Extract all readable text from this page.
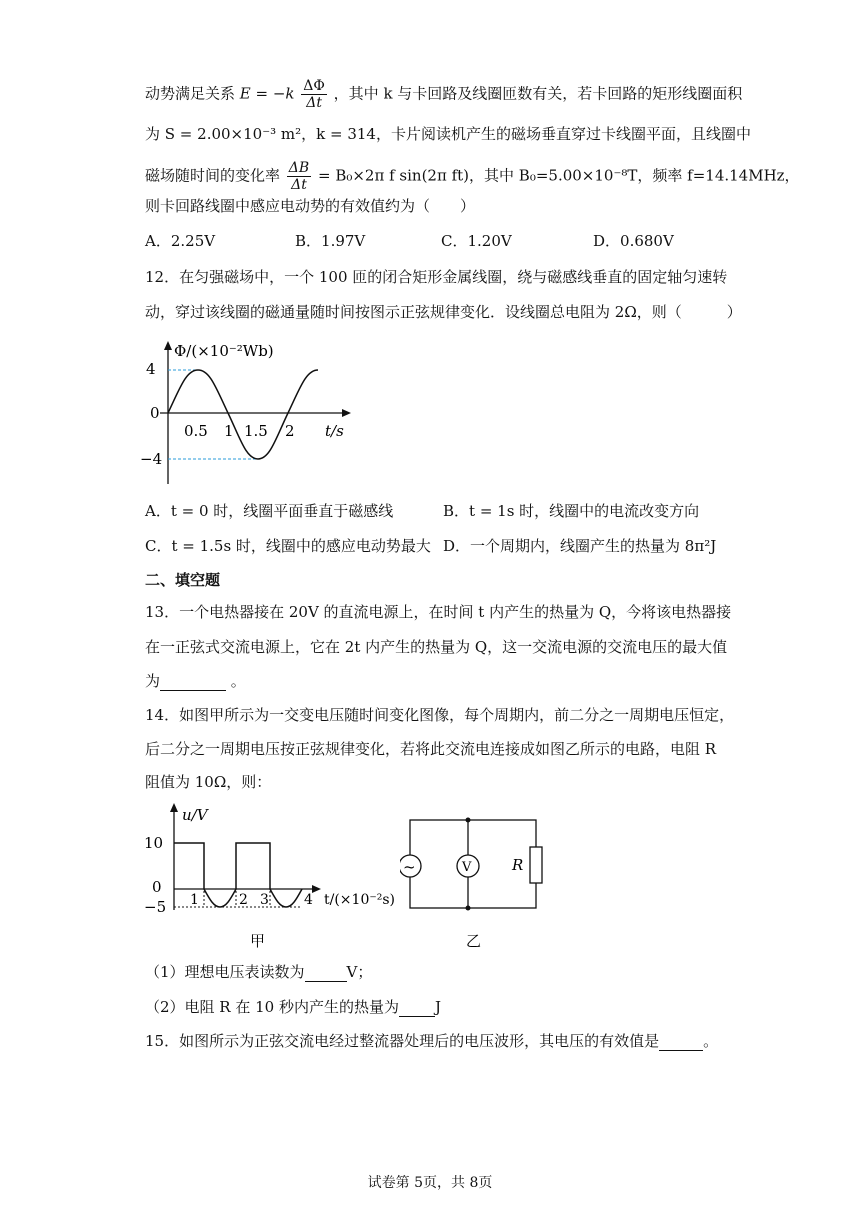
动势满足关系 $E = -k \frac{\Delta\Phi}{\Delta t}$ ，其中 k 与卡回路及线圈匝数有关，若卡回路的矩形线圈面积
为 S = 2.00×10⁻³ m²，k = 314，卡片阅读机产生的磁场垂直穿过卡线圈平面，且线圈中
磁场随时间的变化率 $\frac{\Delta B}{\Delta t} = B_0\times 2\pi$ f sin(2π ft)，其中 B₀=5.00×10⁻⁸T，频率 f=14.14MHz，
则卡回路线圈中感应电动势的有效值约为（　　）
A．2.25V	B．1.97V	C．1.20V	D．0.680V
12．在匀强磁场中，一个 100 匝的闭合矩形金属线圈，绕与磁感线垂直的固定轴匀速转
动，穿过该线圈的磁通量随时间按图示正弦规律变化．设线圈总电阻为 2Ω，则（　　　）
Φ/(×10⁻²Wb)
4
0
−4
0.5 1 1.5 2 t/s
A．t = 0 时，线圈平面垂直于磁感线	B．t = 1s 时，线圈中的电流改变方向
C．t = 1.5s 时，线圈中的感应电动势最大 D．一个周期内，线圈产生的热量为 8π²J
二、填空题
13．一个电热器接在 20V 的直流电源上，在时间 t 内产生的热量为 Q，今将该电热器接
在一正弦式交流电源上，它在 2t 内产生的热量为 Q，这一交流电源的交流电压的最大值
为	。
14．如图甲所示为一交变电压随时间变化图像，每个周期内，前二分之一周期电压恒定，
后二分之一周期电压按正弦规律变化，若将此交流电连接成如图乙所示的电路，电阻 R
阻值为 10Ω，则：
u/V
10
0
−5 1	2 3	4 t/(×10⁻²s)
甲
~	V	R
乙
（1）理想电压表读数为	V；
（2）电阻 R 在 10 秒内产生的热量为 J
15．如图所示为正弦交流电经过整流器处理后的电压波形，其电压的有效值是	。
试卷第 5页，共 8页
